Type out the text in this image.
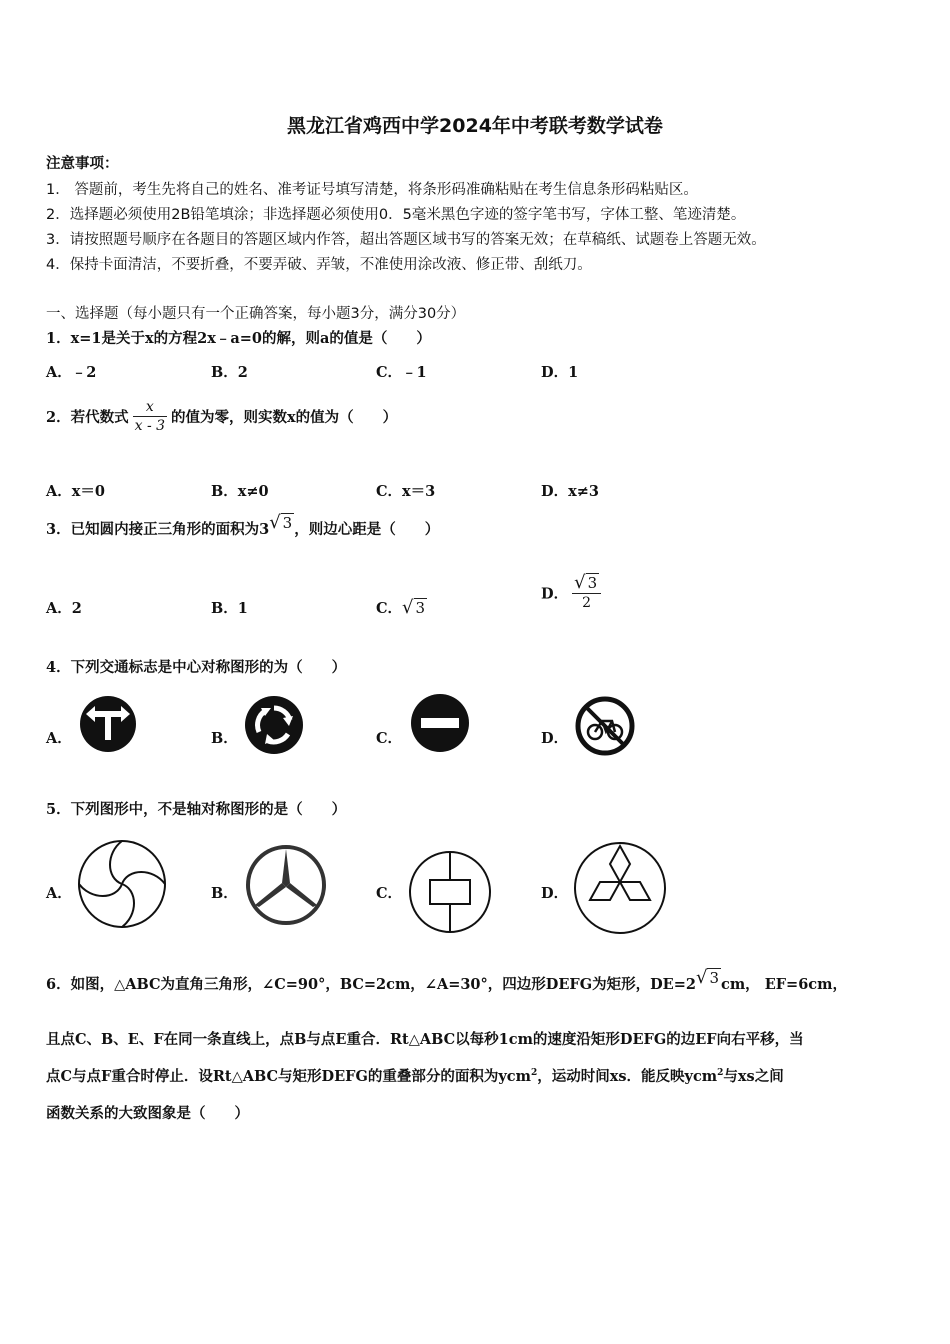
黑龙江省鸡西中学2024年中考联考数学试卷
注意事项：
1． 答题前，考生先将自己的姓名、准考证号填写清楚，将条形码准确粘贴在考生信息条形码粘贴区。
2．选择题必须使用2B铅笔填涂；非选择题必须使用0．5毫米黑色字迹的签字笔书写，字体工整、笔迹清楚。
3．请按照题号顺序在各题目的答题区域内作答，超出答题区域书写的答案无效；在草稿纸、试题卷上答题无效。
4．保持卡面清洁，不要折叠，不要弄破、弄皱，不准使用涂改液、修正带、刮纸刀。
一、选择题（每小题只有一个正确答案，每小题3分，满分30分）
1．x=1是关于x的方程2x﹣a=0的解，则a的值是（　　）
A．﹣2	B．2	C．﹣1	D．1
2．若代数式 $\frac{x}{x - 3}$ 的值为零，则实数x的值为（　　）
A．x＝0	B．x≠0	C．x＝3	D．x≠3
3．已知圆内接正三角形的面积为3√ 3 ，则边心距是（　　）
A．2	B．1	C．√ 3
D． $\frac{√ 3}{2}$
4．下列交通标志是中心对称图形的为（　　）
A．	B．	C．	D．
5．下列图形中，不是轴对称图形的是（　　）
A．	B．	C．	D．
6．如图，△ABC为直角三角形，∠C=90°，BC=2cm，∠A=30°，四边形DEFG为矩形，DE=2√ 3 cm， EF=6cm，
且点C、B、E、F在同一条直线上，点B与点E重合．Rt△ABC以每秒1cm的速度沿矩形DEFG的边EF向右平移，当
点C与点F重合时停止．设Rt△ABC与矩形DEFG的重叠部分的面积为ycm$^2$，运动时间xs．能反映ycm$^2$与xs之间
函数关系的大致图象是（　　）
